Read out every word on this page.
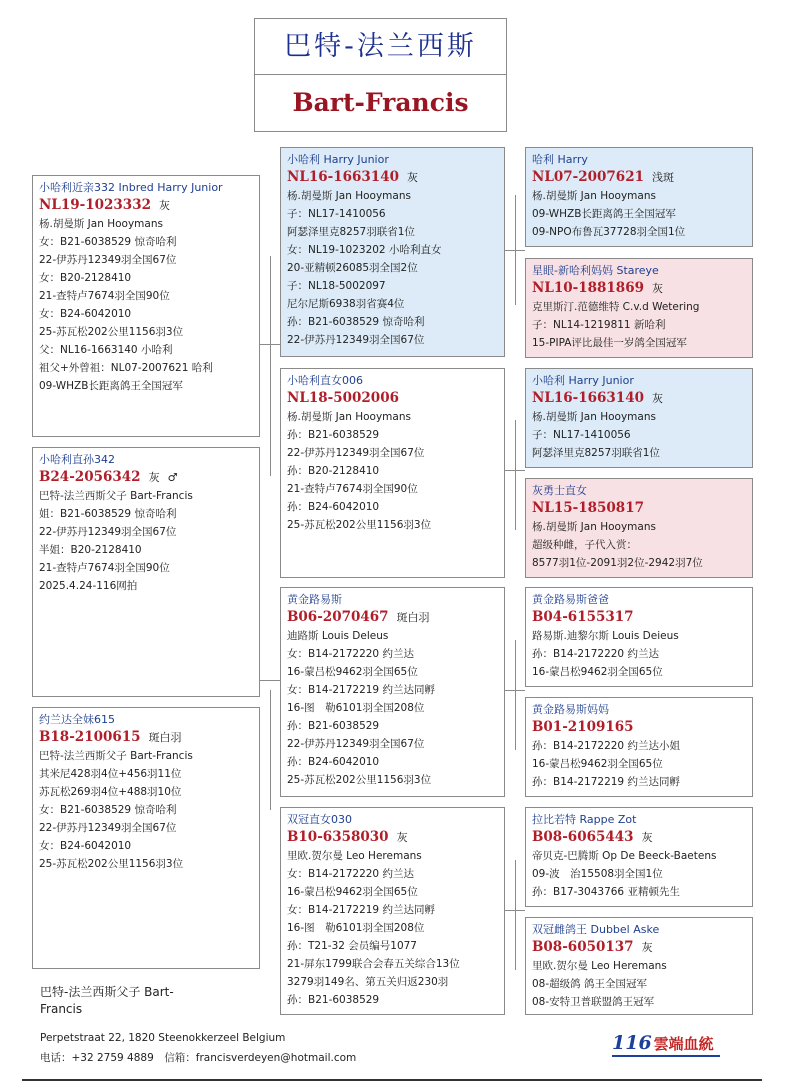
巴特-法兰西斯
Bart-Francis
小哈利近亲332 Inbred Harry Junior
NL19-1023332 灰
杨.胡曼斯 Jan Hooymans
女：B21-6038529 惊奇哈利
22-伊苏丹12349羽全国67位
女：B20-2128410
21-查特卢7674羽全国90位
女：B24-6042010
25-苏瓦松202公里1156羽3位
父：NL16-1663140 小哈利
祖父+外曾祖：NL07-2007621 哈利
09-WHZB长距离鸽王全国冠军
小哈利直孙342
B24-2056342 灰 ♂
巴特-法兰西斯父子 Bart-Francis
姐：B21-6038529 惊奇哈利
22-伊苏丹12349羽全国67位
半姐：B20-2128410
21-查特卢7674羽全国90位
2025.4.24-116网拍
约兰达全妹615
B18-2100615 斑白羽
巴特-法兰西斯父子 Bart-Francis
其米尼428羽4位+456羽11位
苏瓦松269羽4位+488羽10位
女：B21-6038529 惊奇哈利
22-伊苏丹12349羽全国67位
女：B24-6042010
25-苏瓦松202公里1156羽3位
小哈利 Harry Junior
NL16-1663140 灰
杨.胡曼斯 Jan Hooymans
子：NL17-1410056
阿瑟泽里克8257羽联省1位
女：NL19-1023202 小哈利直女
20-亚精顿26085羽全国2位
子：NL18-5002097
尼尔尼斯6938羽省赛4位
孙：B21-6038529 惊奇哈利
22-伊苏丹12349羽全国67位
小哈利直女006
NL18-5002006
杨.胡曼斯 Jan Hooymans
孙：B21-6038529
22-伊苏丹12349羽全国67位
孙：B20-2128410
21-查特卢7674羽全国90位
孙：B24-6042010
25-苏瓦松202公里1156羽3位
黄金路易斯
B06-2070467 斑白羽
迪路斯 Louis Deleus
女：B14-2172220 约兰达
16-蒙吕松9462羽全国65位
女：B14-2172219 约兰达同孵
16-图　勒6101羽全国208位
孙：B21-6038529
22-伊苏丹12349羽全国67位
孙：B24-6042010
25-苏瓦松202公里1156羽3位
双冠直女030
B10-6358030 灰
里欧.贺尔曼 Leo Heremans
女：B14-2172220 约兰达
16-蒙吕松9462羽全国65位
女：B14-2172219 约兰达同孵
16-图　勒6101羽全国208位
孙：T21-32 会员编号1077
21-屏东1799联合会春五关综合13位
3279羽149名、第五关归返230羽
孙：B21-6038529
哈利 Harry
NL07-2007621 浅斑
杨.胡曼斯 Jan Hooymans
09-WHZB长距离鸽王全国冠军
09-NPO布鲁瓦37728羽全国1位
星眼-新哈利妈妈 Stareye
NL10-1881869 灰
克里斯汀.范德维特 C.v.d Wetering
子：NL14-1219811 新哈利
15-PIPA评比最佳一岁鸽全国冠军
小哈利 Harry Junior
NL16-1663140 灰
杨.胡曼斯 Jan Hooymans
子：NL17-1410056
阿瑟泽里克8257羽联省1位
灰勇士直女
NL15-1850817
杨.胡曼斯 Jan Hooymans
超级种雌，子代入赏：
8577羽1位-2091羽2位-2942羽7位
黄金路易斯爸爸
B04-6155317
路易斯.迪黎尔斯 Louis Deieus
孙：B14-2172220 约兰达
16-蒙吕松9462羽全国65位
黄金路易斯妈妈
B01-2109165
孙：B14-2172220 约兰达小姐
16-蒙吕松9462羽全国65位
孙：B14-2172219 约兰达同孵
拉比若特 Rappe Zot
B08-6065443 灰
帝贝克-巴腾斯 Op De Beeck-Baetens
09-波　治15508羽全国1位
孙：B17-3043766 亚精顿先生
双冠雌鸽王 Dubbel Aske
B08-6050137 灰
里欧.贺尔曼 Leo Heremans
08-超级鸽 鸽王全国冠军
08-安特卫普联盟鸽王冠军
巴特-法兰西斯父子 Bart-
Francis
Perpetstraat 22, 1820 Steenokkerzeel Belgium
电话：+32 2759 4889　信箱：francisverdeyen@hotmail.com
116 雲端血統
